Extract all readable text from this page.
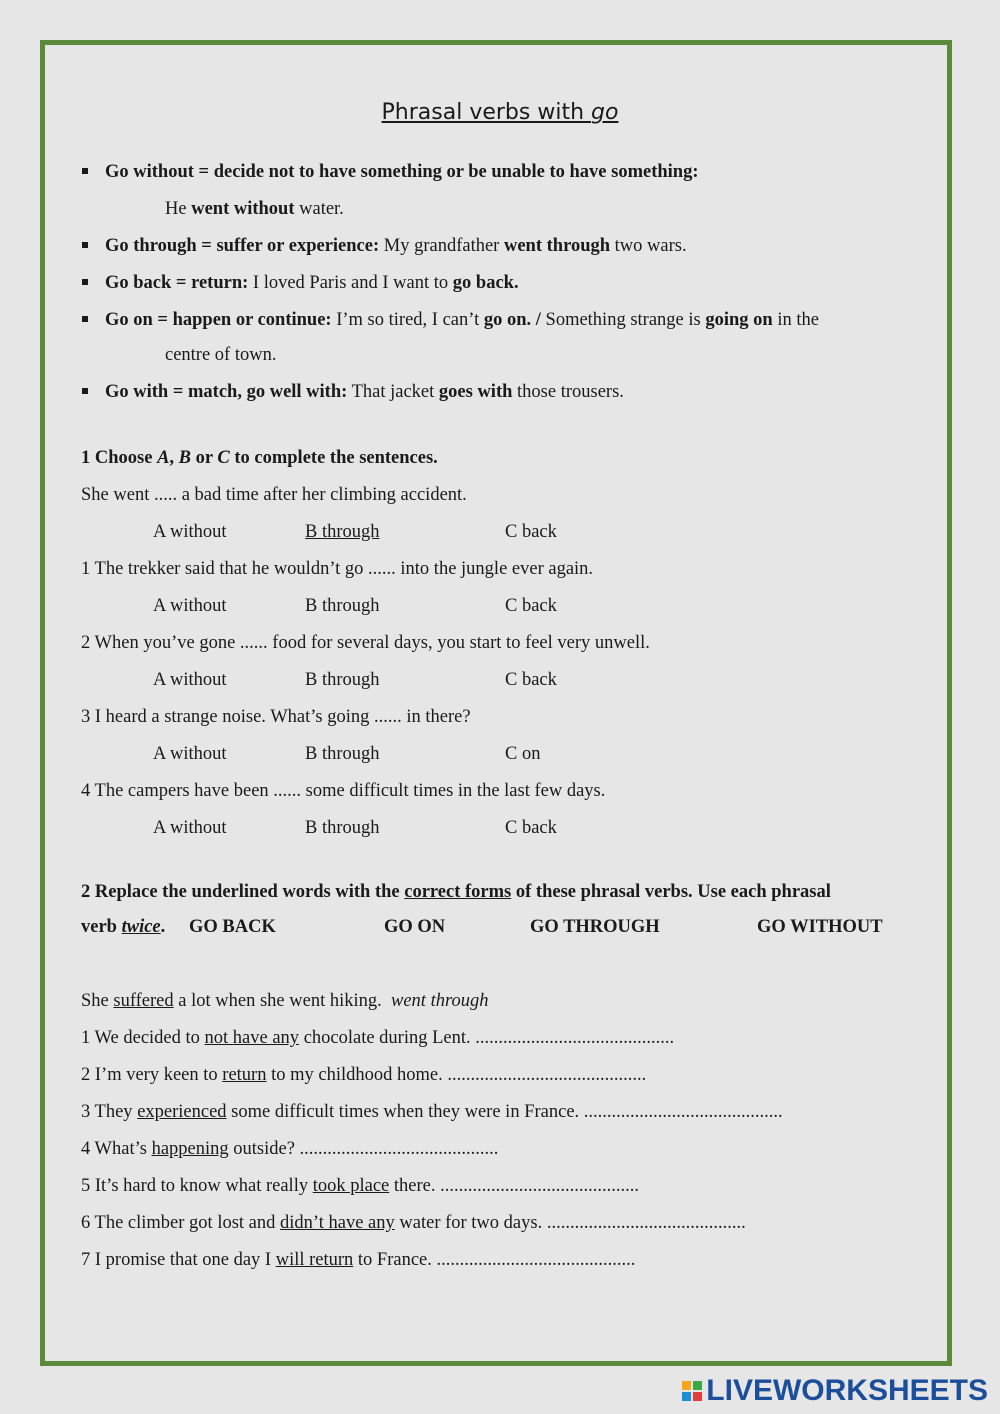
Phrasal verbs with go
Go without = decide not to have something or be unable to have something:
He went without water.
Go through = suffer or experience: My grandfather went through two wars.
Go back = return: I loved Paris and I want to go back.
Go on = happen or continue: I’m so tired, I can’t go on. / Something strange is going on in the
centre of town.
Go with = match, go well with: That jacket goes with those trousers.
1 Choose A, B or C to complete the sentences.
She went ..... a bad time after her climbing accident.
A without	B through	C back
1 The trekker said that he wouldn’t go ...... into the jungle ever again.
A without	B through	C back
2 When you’ve gone ...... food for several days, you start to feel very unwell.
A without	B through	C back
3 I heard a strange noise. What’s going ...... in there?
A without	B through	C on
4 The campers have been ...... some difficult times in the last few days.
A without	B through	C back
2 Replace the underlined words with the correct forms of these phrasal verbs. Use each phrasal
verb twice. GO BACK	GO ON	GO THROUGH	GO WITHOUT
She suffered a lot when she went hiking. went through
1 We decided to not have any chocolate during Lent. ...........................................
2 I’m very keen to return to my childhood home. ...........................................
3 They experienced some difficult times when they were in France. ...........................................
4 What’s happening outside? ...........................................
5 It’s hard to know what really took place there. ...........................................
6 The climber got lost and didn’t have any water for two days. ...........................................
7 I promise that one day I will return to France. ...........................................
LIVEWORKSHEETS
